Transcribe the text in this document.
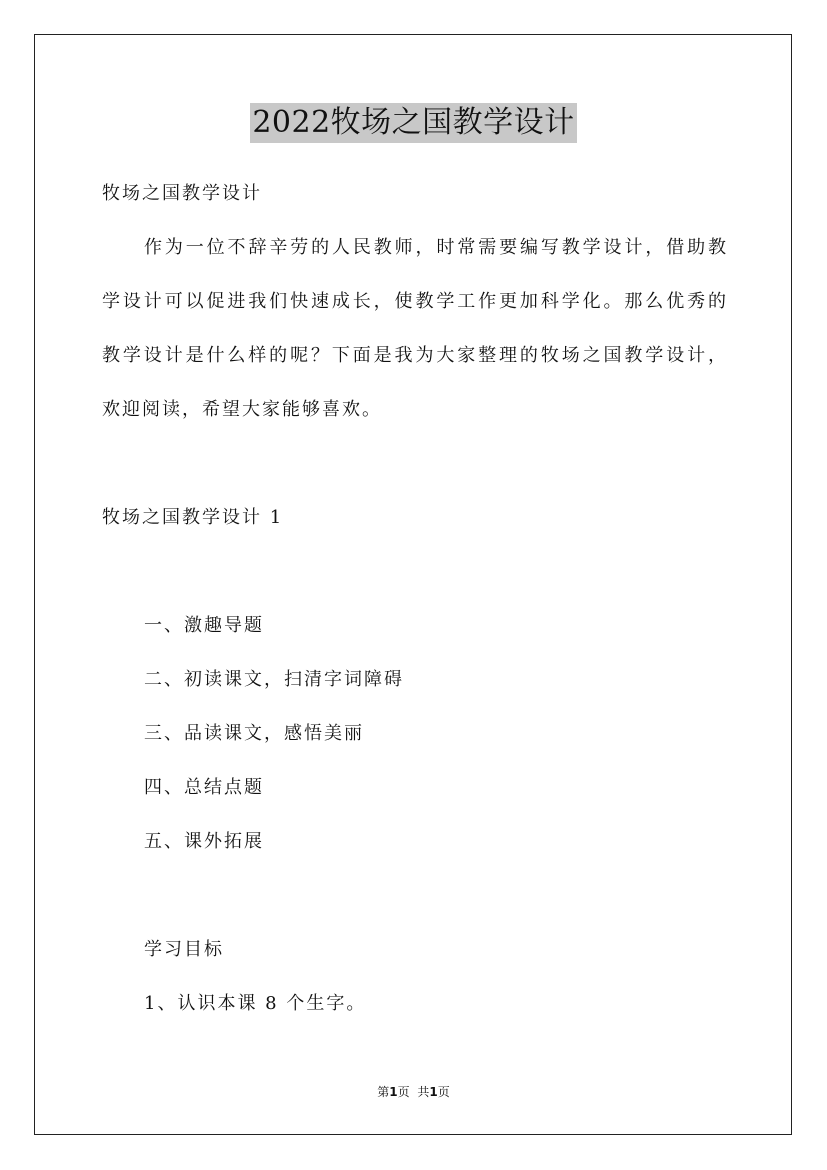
2022牧场之国教学设计

牧场之国教学设计

作为一位不辞辛劳的人民教师，时常需要编写教学设计，借助教

学设计可以促进我们快速成长，使教学工作更加科学化。那么优秀的

教学设计是什么样的呢？下面是我为大家整理的牧场之国教学设计，

欢迎阅读，希望大家能够喜欢。

牧场之国教学设计 1

一、激趣导题

二、初读课文，扫清字词障碍

三、品读课文，感悟美丽

四、总结点题

五、课外拓展

学习目标

1、认识本课 8 个生字。

第1页 共1页
